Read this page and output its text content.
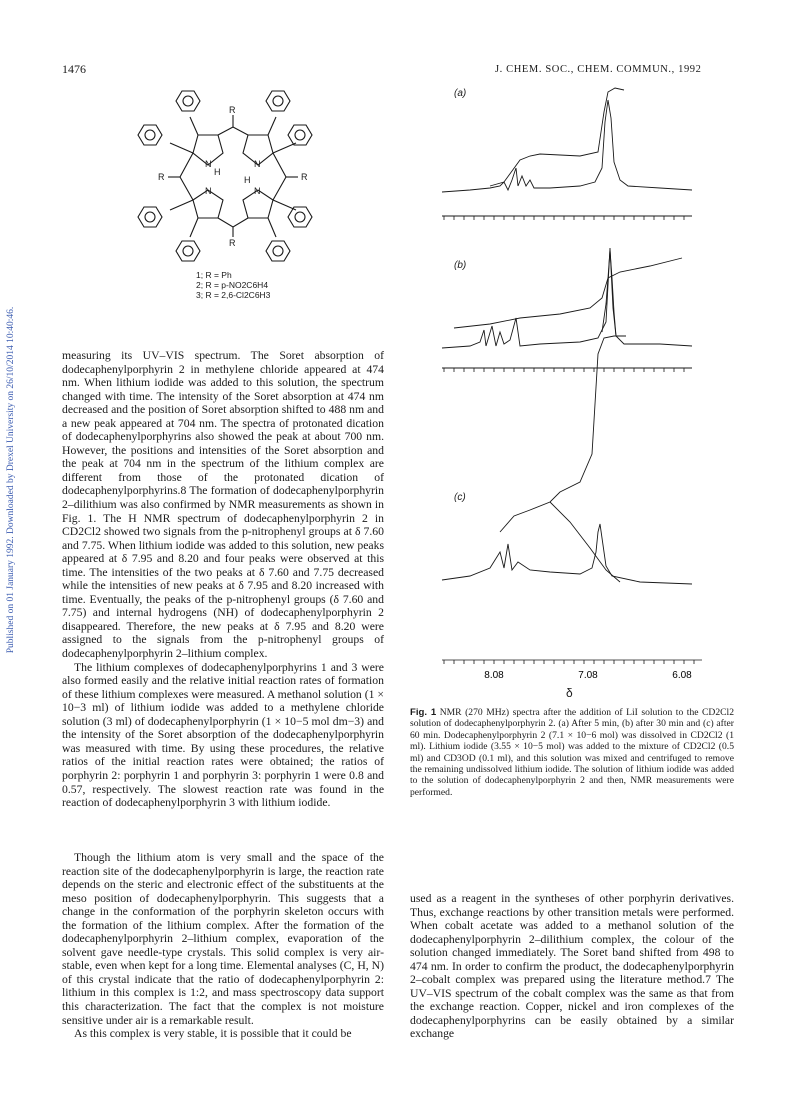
1476	J. CHEM. SOC., CHEM. COMMUN., 1992
Published on 01 January 1992. Downloaded by Drexel University on 26/10/2014 10:40:46.
R
R
R	R
N	N
N	N
H
H
1; R = Ph
2; R = p-NO2C6H4
3; R = 2,6-Cl2C6H3

measuring its UV–VIS spectrum. The Soret absorption of dodecaphenylporphyrin 2 in methylene chloride appeared at 474 nm. When lithium iodide was added to this solution, the spectrum changed with time. The intensity of the Soret absorption at 474 nm decreased and the position of Soret absorption shifted to 488 nm and a new peak appeared at 704 nm. The spectra of protonated dication of dodecaphenylporphyrins also showed the peak at about 700 nm. However, the positions and intensities of the Soret absorption and the peak at 704 nm in the spectrum of the lithium complex are different from those of the protonated dication of dodecaphenylporphyrins.8 The formation of dodecaphenylporphyrin 2–dilithium was also confirmed by NMR measurements as shown in Fig. 1. The H NMR spectrum of dodecaphenylporphyrin 2 in CD2Cl2 showed two signals from the p-nitrophenyl groups at δ 7.60 and 7.75. When lithium iodide was added to this solution, new peaks appeared at δ 7.95 and 8.20 and four peaks were observed at this time. The intensities of the two peaks at δ 7.60 and 7.75 decreased while the intensities of new peaks at δ 7.95 and 8.20 increased with time. Eventually, the peaks of the p-nitrophenyl groups (δ 7.60 and 7.75) and internal hydrogens (NH) of dodecaphenylporphyrin 2 disappeared. Therefore, the new peaks at δ 7.95 and 8.20 were assigned to the signals from the p-nitrophenyl groups of dodecaphenylporphyrin 2–lithium complex.

The lithium complexes of dodecaphenylporphyrins 1 and 3 were also formed easily and the relative initial reaction rates of formation of these lithium complexes were measured. A methanol solution (1 × 10−3 ml) of lithium iodide was added to a methylene chloride solution (3 ml) of dodecaphenylporphyrin (1 × 10−5 mol dm−3) and the intensity of the Soret absorption of the dodecaphenylporphyrin was measured with time. By using these procedures, the relative ratios of the initial reaction rates were obtained; the ratios of porphyrin 2: porphyrin 1 and porphyrin 3: porphyrin 1 were 0.8 and 0.57, respectively. The slowest reaction rate was found in the reaction of dodecaphenylporphyrin 3 with lithium iodide.

Though the lithium atom is very small and the space of the reaction site of the dodecaphenylporphyrin is large, the reaction rate depends on the steric and electronic effect of the substituents at the meso position of dodecaphenylporphyrin. This suggests that a change in the conformation of the porphyrin skeleton occurs with the formation of the lithium complex. After the formation of the dodecaphenylporphyrin 2–lithium complex, evaporation of the solvent gave needle-type crystals. This solid complex is very air-stable, even when kept for a long time. Elemental analyses (C, H, N) of this crystal indicate that the ratio of dodecaphenylporphyrin 2: lithium in this complex is 1:2, and mass spectroscopy data support this characterization. The fact that the complex is not moisture sensitive under air is a remarkable result.

As this complex is very stable, it is possible that it could be

(a)
(b)
(c)
8.08	7.08	6.08
δ
Fig. 1 NMR (270 MHz) spectra after the addition of LiI solution to the CD2Cl2 solution of dodecaphenylporphyrin 2. (a) After 5 min, (b) after 30 min and (c) after 60 min. Dodecaphenylporphyrin 2 (7.1 × 10−6 mol) was dissolved in CD2Cl2 (1 ml). Lithium iodide (3.55 × 10−5 mol) was added to the mixture of CD2Cl2 (0.5 ml) and CD3OD (0.1 ml), and this solution was mixed and centrifuged to remove the remaining undissolved lithium iodide. The solution of lithium iodide was added to the solution of dodecaphenylporphyrin 2 and then, NMR measurements were performed.

used as a reagent in the syntheses of other porphyrin derivatives. Thus, exchange reactions by other transition metals were performed. When cobalt acetate was added to a methanol solution of the dodecaphenylporphyrin 2–dilithium complex, the colour of the solution changed immediately. The Soret band shifted from 498 to 474 nm. In order to confirm the product, the dodecaphenylporphyrin 2–cobalt complex was prepared using the literature method.7 The UV–VIS spectrum of the cobalt complex was the same as that from the exchange reaction. Copper, nickel and iron complexes of the dodecaphenylporphyrins can be easily obtained by a similar exchange
